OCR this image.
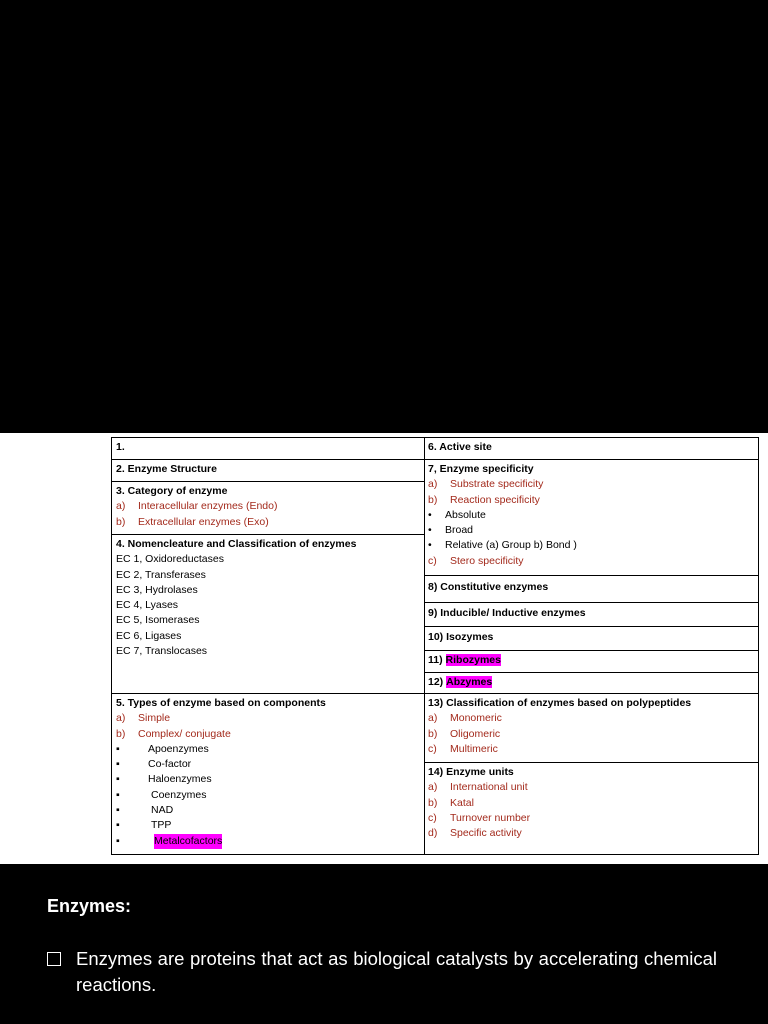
1.
2. Enzyme Structure
3. Category of enzyme
a)	Interacellular enzymes (Endo)
b)	Extracellular enzymes (Exo)
4. Nomencleature and Classification of enzymes
EC 1, Oxidoreductases
EC 2, Transferases
EC 3, Hydrolases
EC 4, Lyases
EC 5, Isomerases
EC 6, Ligases
EC 7, Translocases
5. Types of enzyme based on components
a)	Simple
b)	Complex/ conjugate
▪	Apoenzymes
▪	Co-factor
▪	Haloenzymes
▪	Coenzymes
▪	NAD
▪	TPP
▪	Metalcofactors
6. Active site
7, Enzyme specificity
a)	Substrate specificity
b)	Reaction specificity
•	Absolute
•	Broad
•	Relative (a) Group b) Bond )
c)	Stero specificity
8) Constitutive enzymes
9) Inducible/ Inductive enzymes
10) Isozymes
11) Ribozymes
12) Abzymes
13) Classification of enzymes based on polypeptides
a)	Monomeric
b)	Oligomeric
c)	Multimeric
14) Enzyme units
a)	International unit
b)	Katal
c)	Turnover number
d)	Specific activity
Enzymes:
Enzymes are proteins that act as biological catalysts by accelerating chemical reactions.
